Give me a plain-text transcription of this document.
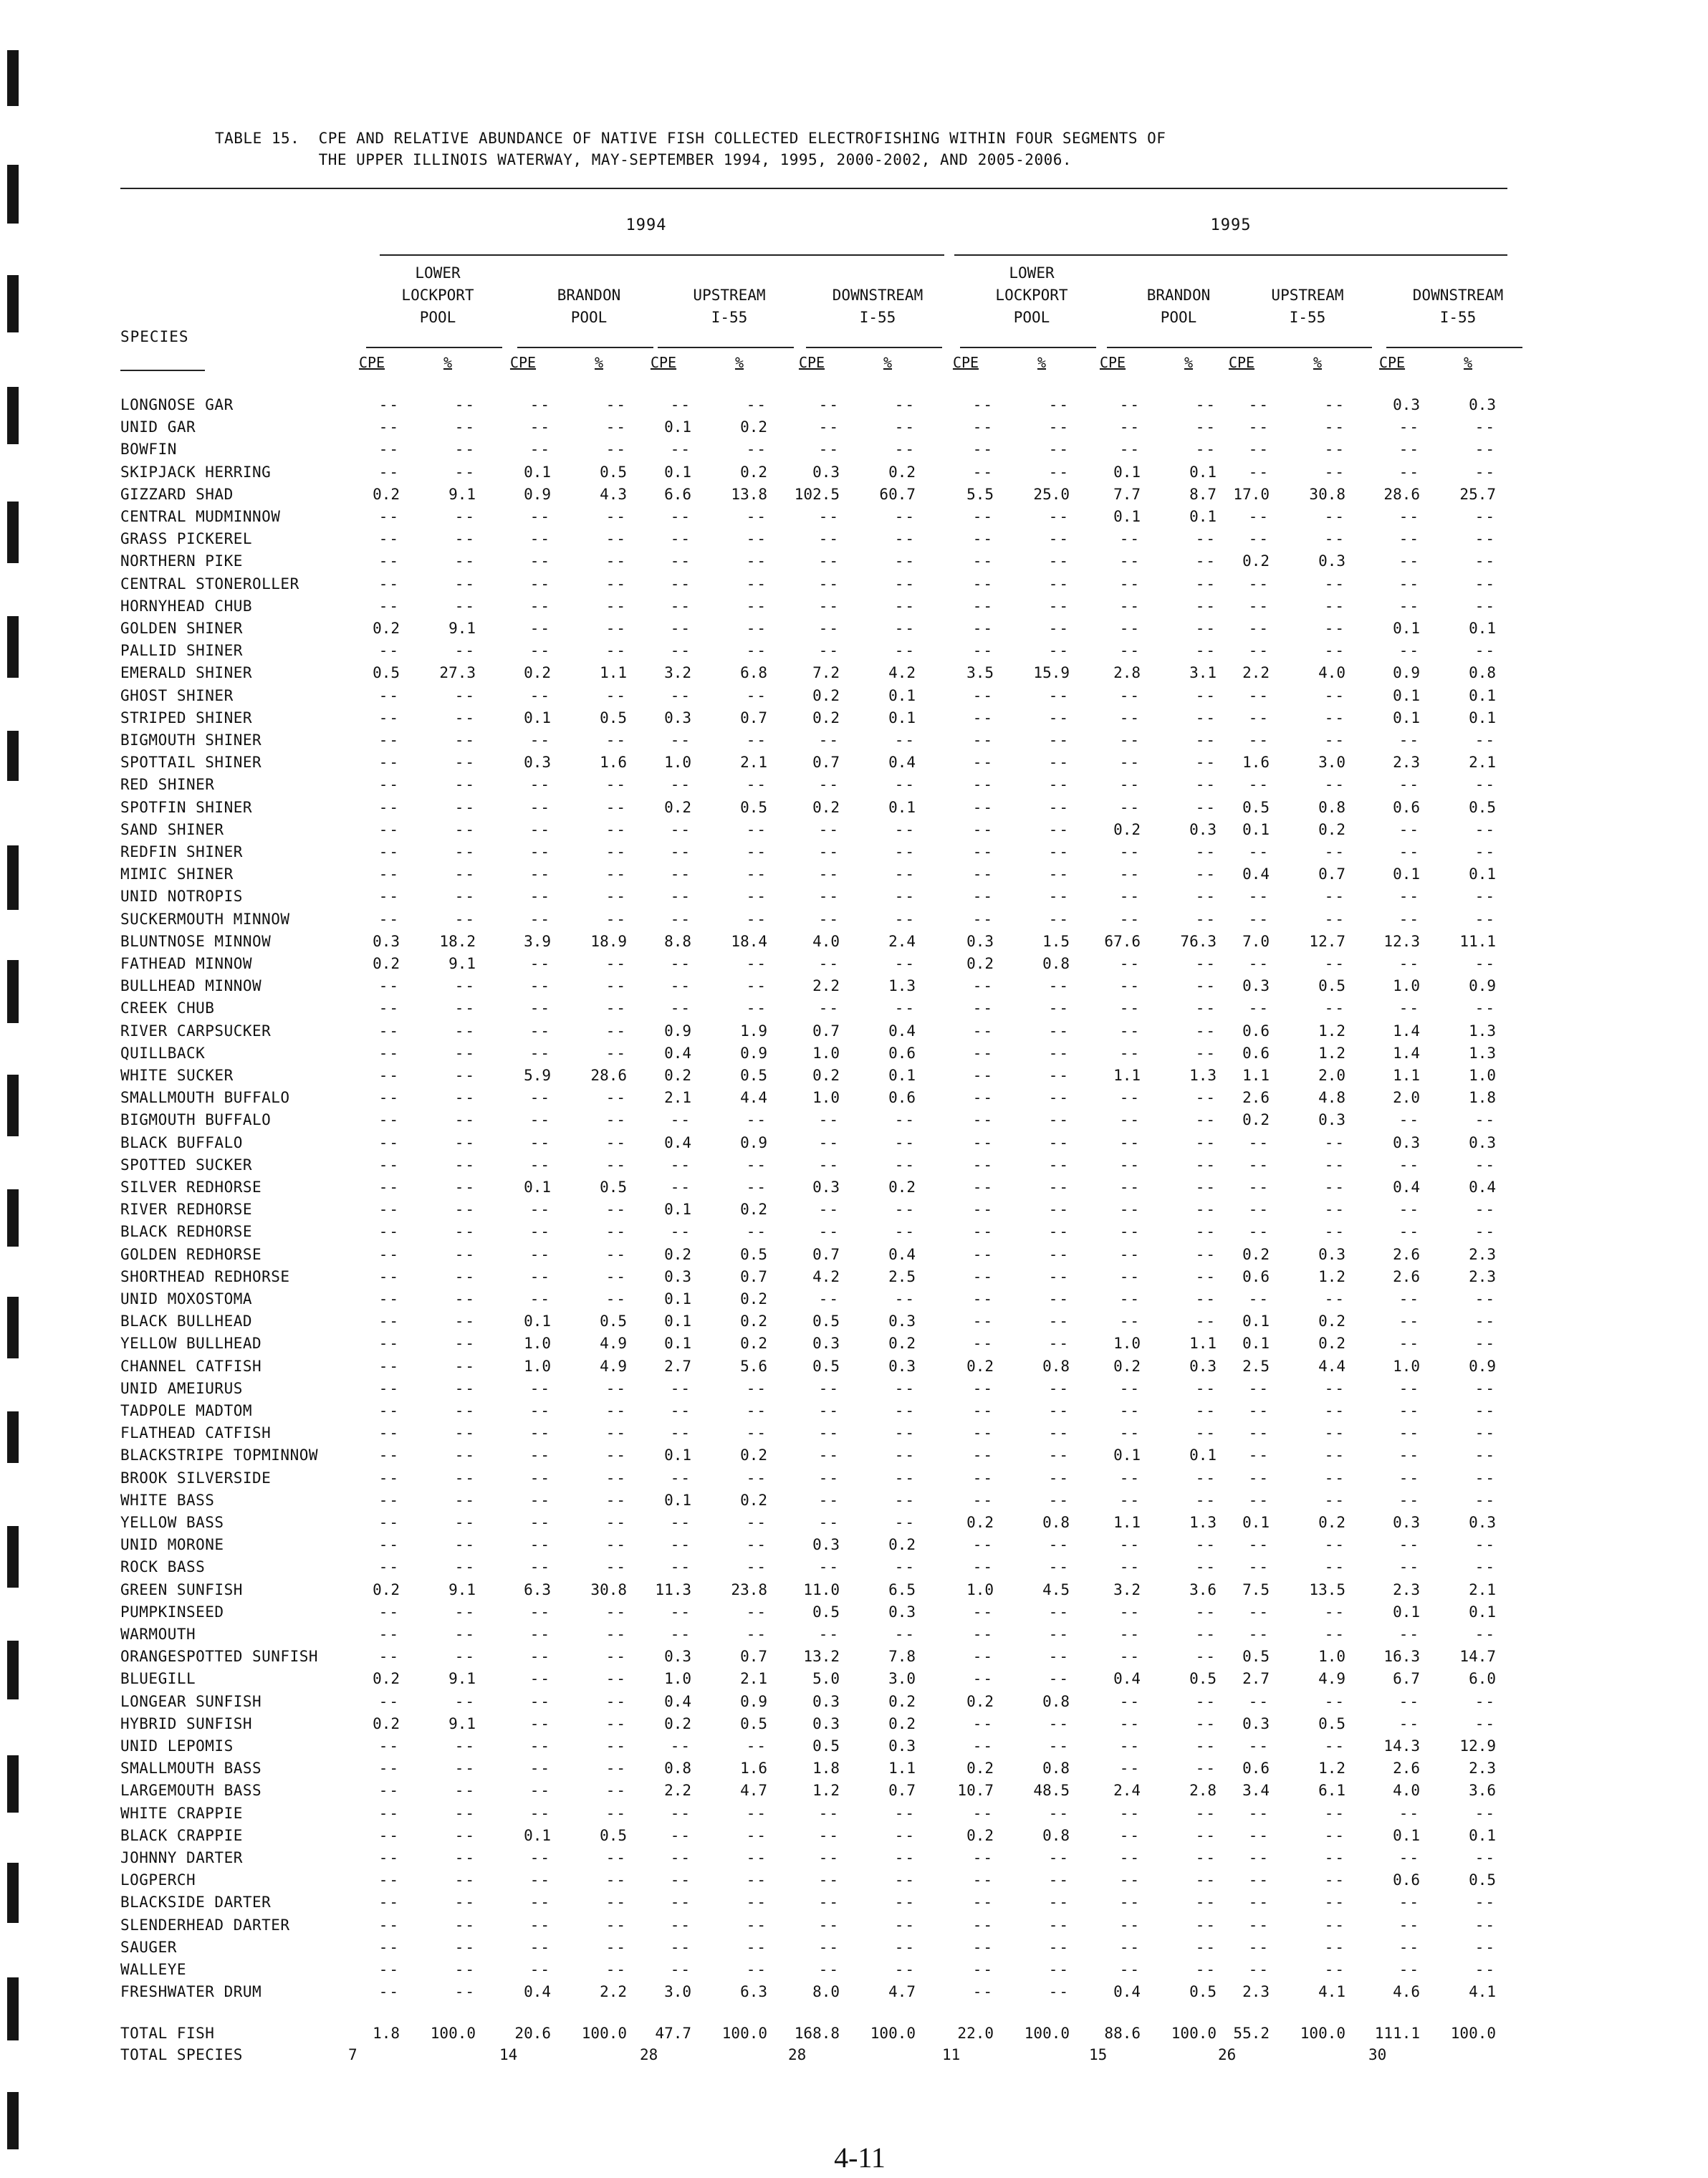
TABLE 15.  CPE AND RELATIVE ABUNDANCE OF NATIVE FISH COLLECTED ELECTROFISHING WITHIN FOUR SEGMENTS OF
THE UPPER ILLINOIS WATERWAY, MAY-SEPTEMBER 1994, 1995, 2000-2002, AND 2005-2006.
1994	1995
LOWER
LOCKPORT
POOL
BRANDON
POOL
UPSTREAM
I-55
DOWNSTREAM
I-55
LOWER
LOCKPORT
POOL
BRANDON
POOL
UPSTREAM
I-55
DOWNSTREAM
I-55
SPECIES
CPE	%	CPE	%	CPE	%	CPE	%	CPE	%	CPE	%	CPE	%	CPE	%
LONGNOSE GAR	--	--	--	--	--	--	--	--	--	--	--	--	--	--	0.3	0.3
UNID GAR	--	--	--	--	0.1	0.2	--	--	--	--	--	--	--	--	--	--
BOWFIN	--	--	--	--	--	--	--	--	--	--	--	--	--	--	--	--
SKIPJACK HERRING	--	--	0.1	0.5	0.1	0.2	0.3	0.2	--	--	0.1	0.1	--	--	--	--
GIZZARD SHAD	0.2	9.1	0.9	4.3	6.6	13.8	102.5	60.7	5.5	25.0	7.7	8.7	17.0	30.8	28.6	25.7
CENTRAL MUDMINNOW	--	--	--	--	--	--	--	--	--	--	0.1	0.1	--	--	--	--
GRASS PICKEREL	--	--	--	--	--	--	--	--	--	--	--	--	--	--	--	--
NORTHERN PIKE	--	--	--	--	--	--	--	--	--	--	--	--	0.2	0.3	--	--
CENTRAL STONEROLLER	--	--	--	--	--	--	--	--	--	--	--	--	--	--	--	--
HORNYHEAD CHUB	--	--	--	--	--	--	--	--	--	--	--	--	--	--	--	--
GOLDEN SHINER	0.2	9.1	--	--	--	--	--	--	--	--	--	--	--	--	0.1	0.1
PALLID SHINER	--	--	--	--	--	--	--	--	--	--	--	--	--	--	--	--
EMERALD SHINER	0.5	27.3	0.2	1.1	3.2	6.8	7.2	4.2	3.5	15.9	2.8	3.1	2.2	4.0	0.9	0.8
GHOST SHINER	--	--	--	--	--	--	0.2	0.1	--	--	--	--	--	--	0.1	0.1
STRIPED SHINER	--	--	0.1	0.5	0.3	0.7	0.2	0.1	--	--	--	--	--	--	0.1	0.1
BIGMOUTH SHINER	--	--	--	--	--	--	--	--	--	--	--	--	--	--	--	--
SPOTTAIL SHINER	--	--	0.3	1.6	1.0	2.1	0.7	0.4	--	--	--	--	1.6	3.0	2.3	2.1
RED SHINER	--	--	--	--	--	--	--	--	--	--	--	--	--	--	--	--
SPOTFIN SHINER	--	--	--	--	0.2	0.5	0.2	0.1	--	--	--	--	0.5	0.8	0.6	0.5
SAND SHINER	--	--	--	--	--	--	--	--	--	--	0.2	0.3	0.1	0.2	--	--
REDFIN SHINER	--	--	--	--	--	--	--	--	--	--	--	--	--	--	--	--
MIMIC SHINER	--	--	--	--	--	--	--	--	--	--	--	--	0.4	0.7	0.1	0.1
UNID NOTROPIS	--	--	--	--	--	--	--	--	--	--	--	--	--	--	--	--
SUCKERMOUTH MINNOW	--	--	--	--	--	--	--	--	--	--	--	--	--	--	--	--
BLUNTNOSE MINNOW	0.3	18.2	3.9	18.9	8.8	18.4	4.0	2.4	0.3	1.5	67.6	76.3	7.0	12.7	12.3	11.1
FATHEAD MINNOW	0.2	9.1	--	--	--	--	--	--	0.2	0.8	--	--	--	--	--	--
BULLHEAD MINNOW	--	--	--	--	--	--	2.2	1.3	--	--	--	--	0.3	0.5	1.0	0.9
CREEK CHUB	--	--	--	--	--	--	--	--	--	--	--	--	--	--	--	--
RIVER CARPSUCKER	--	--	--	--	0.9	1.9	0.7	0.4	--	--	--	--	0.6	1.2	1.4	1.3
QUILLBACK	--	--	--	--	0.4	0.9	1.0	0.6	--	--	--	--	0.6	1.2	1.4	1.3
WHITE SUCKER	--	--	5.9	28.6	0.2	0.5	0.2	0.1	--	--	1.1	1.3	1.1	2.0	1.1	1.0
SMALLMOUTH BUFFALO	--	--	--	--	2.1	4.4	1.0	0.6	--	--	--	--	2.6	4.8	2.0	1.8
BIGMOUTH BUFFALO	--	--	--	--	--	--	--	--	--	--	--	--	0.2	0.3	--	--
BLACK BUFFALO	--	--	--	--	0.4	0.9	--	--	--	--	--	--	--	--	0.3	0.3
SPOTTED SUCKER	--	--	--	--	--	--	--	--	--	--	--	--	--	--	--	--
SILVER REDHORSE	--	--	0.1	0.5	--	--	0.3	0.2	--	--	--	--	--	--	0.4	0.4
RIVER REDHORSE	--	--	--	--	0.1	0.2	--	--	--	--	--	--	--	--	--	--
BLACK REDHORSE	--	--	--	--	--	--	--	--	--	--	--	--	--	--	--	--
GOLDEN REDHORSE	--	--	--	--	0.2	0.5	0.7	0.4	--	--	--	--	0.2	0.3	2.6	2.3
SHORTHEAD REDHORSE	--	--	--	--	0.3	0.7	4.2	2.5	--	--	--	--	0.6	1.2	2.6	2.3
UNID MOXOSTOMA	--	--	--	--	0.1	0.2	--	--	--	--	--	--	--	--	--	--
BLACK BULLHEAD	--	--	0.1	0.5	0.1	0.2	0.5	0.3	--	--	--	--	0.1	0.2	--	--
YELLOW BULLHEAD	--	--	1.0	4.9	0.1	0.2	0.3	0.2	--	--	1.0	1.1	0.1	0.2	--	--
CHANNEL CATFISH	--	--	1.0	4.9	2.7	5.6	0.5	0.3	0.2	0.8	0.2	0.3	2.5	4.4	1.0	0.9
UNID AMEIURUS	--	--	--	--	--	--	--	--	--	--	--	--	--	--	--	--
TADPOLE MADTOM	--	--	--	--	--	--	--	--	--	--	--	--	--	--	--	--
FLATHEAD CATFISH	--	--	--	--	--	--	--	--	--	--	--	--	--	--	--	--
BLACKSTRIPE TOPMINNOW	--	--	--	--	0.1	0.2	--	--	--	--	0.1	0.1	--	--	--	--
BROOK SILVERSIDE	--	--	--	--	--	--	--	--	--	--	--	--	--	--	--	--
WHITE BASS	--	--	--	--	0.1	0.2	--	--	--	--	--	--	--	--	--	--
YELLOW BASS	--	--	--	--	--	--	--	--	0.2	0.8	1.1	1.3	0.1	0.2	0.3	0.3
UNID MORONE	--	--	--	--	--	--	0.3	0.2	--	--	--	--	--	--	--	--
ROCK BASS	--	--	--	--	--	--	--	--	--	--	--	--	--	--	--	--
GREEN SUNFISH	0.2	9.1	6.3	30.8	11.3	23.8	11.0	6.5	1.0	4.5	3.2	3.6	7.5	13.5	2.3	2.1
PUMPKINSEED	--	--	--	--	--	--	0.5	0.3	--	--	--	--	--	--	0.1	0.1
WARMOUTH	--	--	--	--	--	--	--	--	--	--	--	--	--	--	--	--
ORANGESPOTTED SUNFISH	--	--	--	--	0.3	0.7	13.2	7.8	--	--	--	--	0.5	1.0	16.3	14.7
BLUEGILL	0.2	9.1	--	--	1.0	2.1	5.0	3.0	--	--	0.4	0.5	2.7	4.9	6.7	6.0
LONGEAR SUNFISH	--	--	--	--	0.4	0.9	0.3	0.2	0.2	0.8	--	--	--	--	--	--
HYBRID SUNFISH	0.2	9.1	--	--	0.2	0.5	0.3	0.2	--	--	--	--	0.3	0.5	--	--
UNID LEPOMIS	--	--	--	--	--	--	0.5	0.3	--	--	--	--	--	--	14.3	12.9
SMALLMOUTH BASS	--	--	--	--	0.8	1.6	1.8	1.1	0.2	0.8	--	--	0.6	1.2	2.6	2.3
LARGEMOUTH BASS	--	--	--	--	2.2	4.7	1.2	0.7	10.7	48.5	2.4	2.8	3.4	6.1	4.0	3.6
WHITE CRAPPIE	--	--	--	--	--	--	--	--	--	--	--	--	--	--	--	--
BLACK CRAPPIE	--	--	0.1	0.5	--	--	--	--	0.2	0.8	--	--	--	--	0.1	0.1
JOHNNY DARTER	--	--	--	--	--	--	--	--	--	--	--	--	--	--	--	--
LOGPERCH	--	--	--	--	--	--	--	--	--	--	--	--	--	--	0.6	0.5
BLACKSIDE DARTER	--	--	--	--	--	--	--	--	--	--	--	--	--	--	--	--
SLENDERHEAD DARTER	--	--	--	--	--	--	--	--	--	--	--	--	--	--	--	--
SAUGER	--	--	--	--	--	--	--	--	--	--	--	--	--	--	--	--
WALLEYE	--	--	--	--	--	--	--	--	--	--	--	--	--	--	--	--
FRESHWATER DRUM	--	--	0.4	2.2	3.0	6.3	8.0	4.7	--	--	0.4	0.5	2.3	4.1	4.6	4.1
TOTAL FISH	1.8	100.0	20.6	100.0	47.7	100.0	168.8	100.0	22.0	100.0	88.6	100.0	55.2	100.0	111.1	100.0
TOTAL SPECIES	7	14	28	28	11	15	26	30
4-11
